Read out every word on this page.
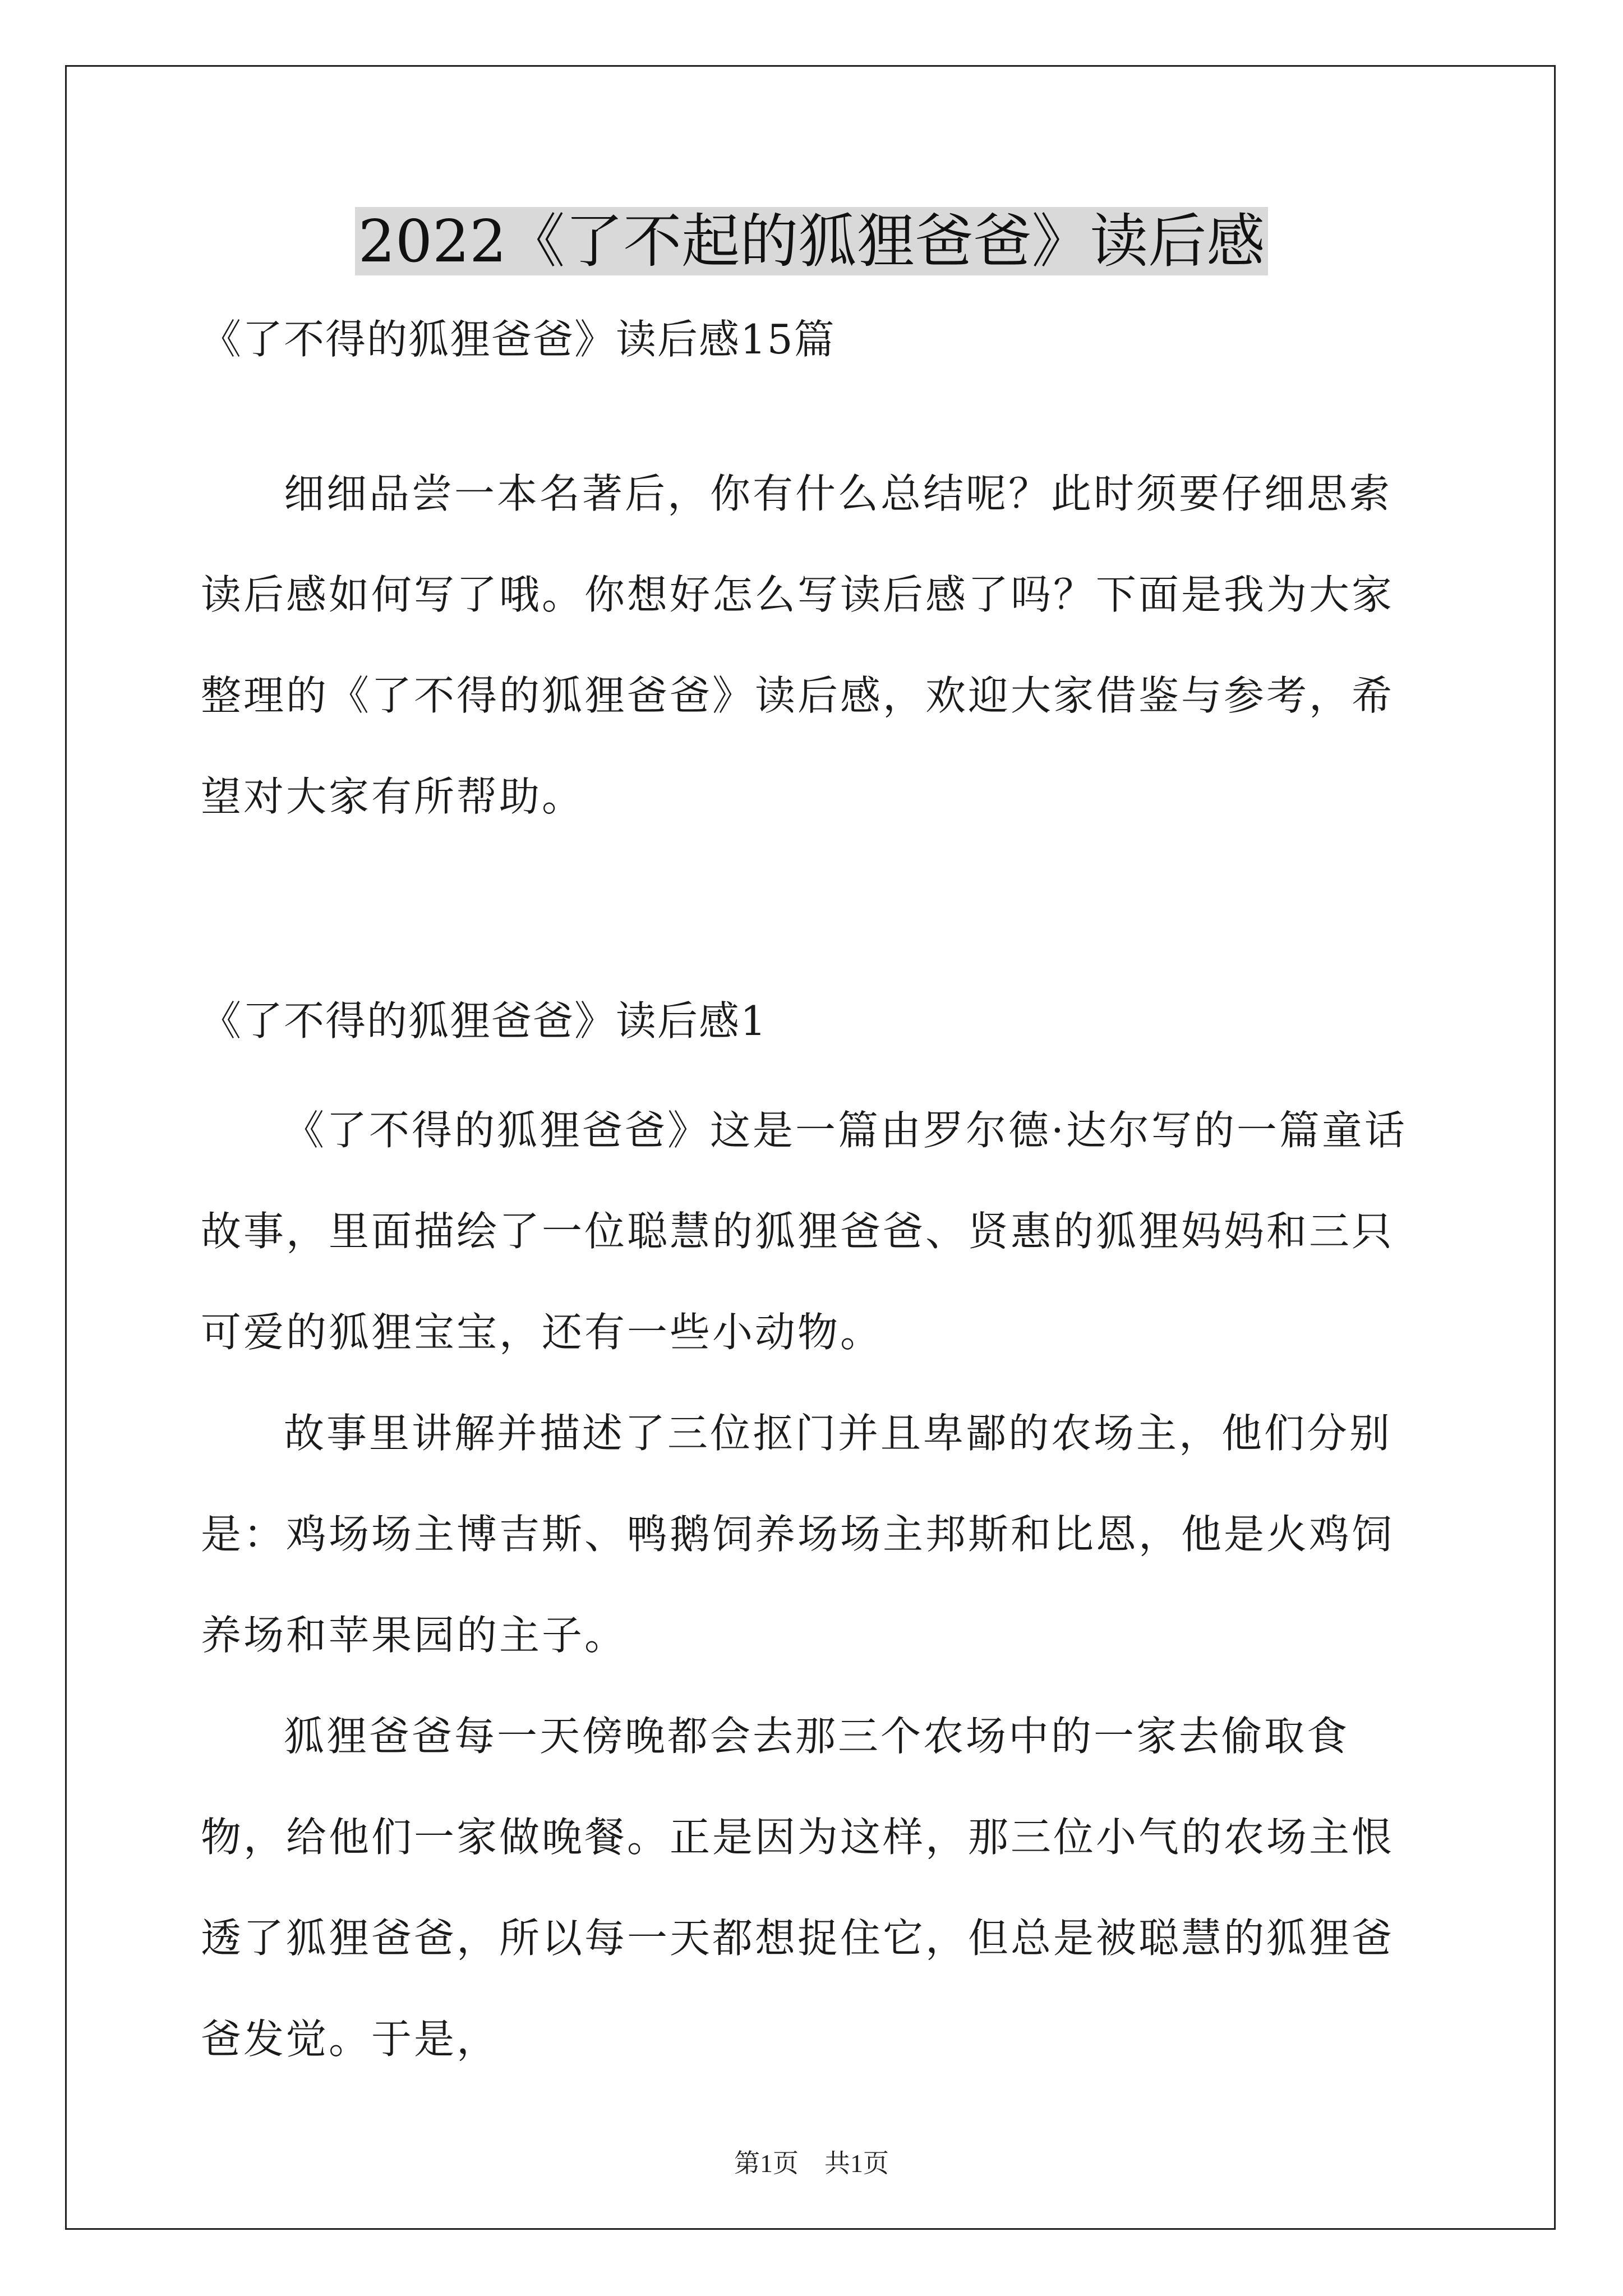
2022《了不起的狐狸爸爸》读后感

《了不得的狐狸爸爸》读后感15篇

细细品尝一本名著后，你有什么总结呢？此时须要仔细思索读后感如何写了哦。你想好怎么写读后感了吗？下面是我为大家整理的《了不得的狐狸爸爸》读后感，欢迎大家借鉴与参考，希望对大家有所帮助。

《了不得的狐狸爸爸》读后感1

《了不得的狐狸爸爸》这是一篇由罗尔德·达尔写的一篇童话故事，里面描绘了一位聪慧的狐狸爸爸、贤惠的狐狸妈妈和三只可爱的狐狸宝宝，还有一些小动物。

故事里讲解并描述了三位抠门并且卑鄙的农场主，他们分别是：鸡场场主博吉斯、鸭鹅饲养场场主邦斯和比恩，他是火鸡饲养场和苹果园的主子。

狐狸爸爸每一天傍晚都会去那三个农场中的一家去偷取食物，给他们一家做晚餐。正是因为这样，那三位小气的农场主恨透了狐狸爸爸，所以每一天都想捉住它，但总是被聪慧的狐狸爸爸发觉。于是，

第1页　共1页
